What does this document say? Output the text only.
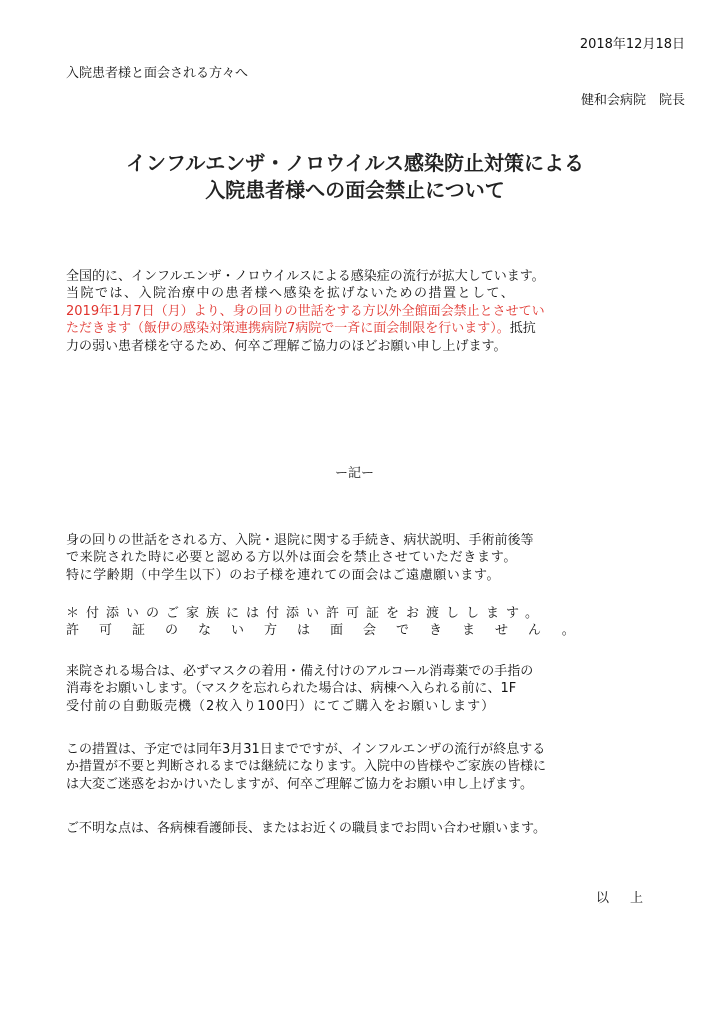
2018年12月18日

入院患者様と面会される方々へ

健和会病院　院長

インフルエンザ・ノロウイルス感染防止対策による
入院患者様への面会禁止について
全国的に、インフルエンザ・ノロウイルスによる感染症の流行が拡大しています。
当院では、入院治療中の患者様へ感染を拡げないための措置として、
2019年1月7日（月）より、身の回りの世話をする方以外全館面会禁止とさせてい
ただきます（飯伊の感染対策連携病院7病院で一斉に面会制限を行います）。抵抗
力の弱い患者様を守るため、何卒ご理解ご協力のほどお願い申し上げます。

ー記ー

身の回りの世話をされる方、入院・退院に関する手続き、病状説明、手術前後等
で来院された時に必要と認める方以外は面会を禁止させていただきます。
特に学齢期（中学生以下）のお子様を連れての面会はご遠慮願います。
＊付添いのご家族には付添い許可証をお渡しします。
許可証のない方は面会できません。
来院される場合は、必ずマスクの着用・備え付けのアルコール消毒薬での手指の
消毒をお願いします。（マスクを忘れられた場合は、病棟へ入られる前に、1F
受付前の自動販売機（2枚入り100円）にてご購入をお願いします）
この措置は、予定では同年3月31日までですが、インフルエンザの流行が終息する
か措置が不要と判断されるまでは継続になります。入院中の皆様やご家族の皆様に
は大変ご迷惑をおかけいたしますが、何卒ご理解ご協力をお願い申し上げます。
ご不明な点は、各病棟看護師長、またはお近くの職員までお問い合わせ願います。

以　上
